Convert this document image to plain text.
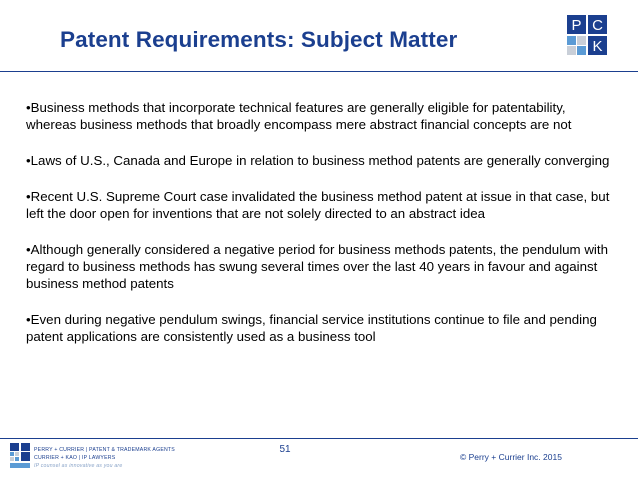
Patent Requirements: Subject Matter
P C
K
•Business methods that incorporate technical features are generally eligible for patentability, whereas business methods that broadly encompass mere abstract financial concepts are not
•Laws of U.S., Canada and Europe in relation to business method patents are generally converging
•Recent U.S. Supreme Court case invalidated the business method patent at issue in that case, but left the door open for inventions that are not solely directed to an abstract idea
•Although generally considered a negative period for business methods patents, the pendulum with regard to business methods has swung several times over the last 40 years in favour and against business method patents
•Even during negative pendulum swings, financial service institutions continue to file and pending patent applications are consistently used as a business tool
PERRY + CURRIER | PATENT & TRADEMARK AGENTS
CURRIER + KAO | IP LAWYERS
IP counsel as innovative as you are
51
© Perry + Currier Inc. 2015
